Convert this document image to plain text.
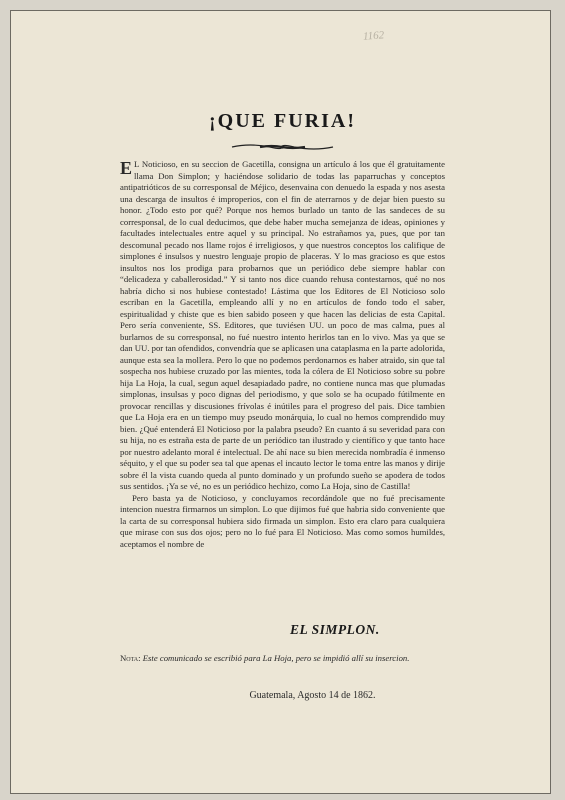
1162
¡QUE FURIA!

E L Noticioso, en su seccion de Gacetilla, consigna un artículo á los que él gratuitamente llama Don Simplon; y haciéndose solidario de todas las paparruchas y conceptos antipatrióticos de su corresponsal de Méjico, desenvaina con denuedo la espada y nos asesta una descarga de insultos é improperios, con el fin de aterrarnos y de dejar bien puesto su honor. ¿Todo esto por qué? Porque nos hemos burlado un tanto de las sandeces de su corresponsal, de lo cual deducimos, que debe haber mucha semejanza de ideas, opiniones y facultades intelectuales entre aquel y su principal. No estrañamos ya, pues, que por tan descomunal pecado nos llame rojos é irreligiosos, y que nuestros conceptos los califique de simplones é insulsos y nuestro lenguaje propio de placeras. Y lo mas gracioso es que estos insultos nos los prodiga para probarnos que un periódico debe siempre hablar con “delicadeza y caballerosidad.” Y si tanto nos dice cuando rehusa contestarnos, qué no nos habría dicho si nos hubiese contestado! Lástima que los Editores de El Noticioso solo escriban en la Gacetilla, empleando allí y no en artículos de fondo todo el saber, espiritualidad y chiste que es bien sabido poseen y que hacen las delicias de esta Capital. Pero sería conveniente, SS. Editores, que tuviésen UU. un poco de mas calma, pues al burlarnos de su corresponsal, no fué nuestro intento herirlos tan en lo vivo. Mas ya que se dan UU. por tan ofendidos, convendría que se aplicasen una cataplasma en la parte adolorida, aunque esta sea la mollera. Pero lo que no podemos perdonarnos es haber atraido, sin que tal sospecha nos hubiese cruzado por las mientes, toda la cólera de El Noticioso sobre su pobre hija La Hoja, la cual, segun aquel desapiadado padre, no contiene nunca mas que plumadas simplonas, insulsas y poco dignas del periodismo, y que solo se ha ocupado fútilmente en provocar rencillas y discusiones frívolas é inútiles para el progreso del pais. Dice tambien que La Hoja era en un tiempo muy pseudo monárquia, lo cual no hemos comprendido muy bien. ¿Qué entenderá El Noticioso por la palabra pseudo? En cuanto á su severidad para con su hija, no es estraña esta de parte de un periódico tan ilustrado y científico y que tanto hace por nuestro adelanto moral é intelectual. De ahí nace su bien merecida nombradía é inmenso séquito, y el que su poder sea tal que apenas el incauto lector le toma entre las manos y dirije sobre él la vista cuando queda al punto dominado y un profundo sueño se apodera de todos sus sentidos. ¡Ya se vé, no es un periódico hechizo, como La Hoja, sino de Castilla!

Pero basta ya de Noticioso, y concluyamos recordándole que no fué precisamente intencion nuestra firmarnos un simplon. Lo que dijimos fué que habria sido conveniente que la carta de su corresponsal hubiera sido firmada un simplon. Esto era claro para cualquiera que mirase con sus dos ojos; pero no lo fué para El Noticioso. Mas como somos humildes, aceptamos el nombre de

EL SIMPLON.
Nota: Este comunicado se escribió para La Hoja, pero se impidió allí su insercion.
Guatemala, Agosto 14 de 1862.
